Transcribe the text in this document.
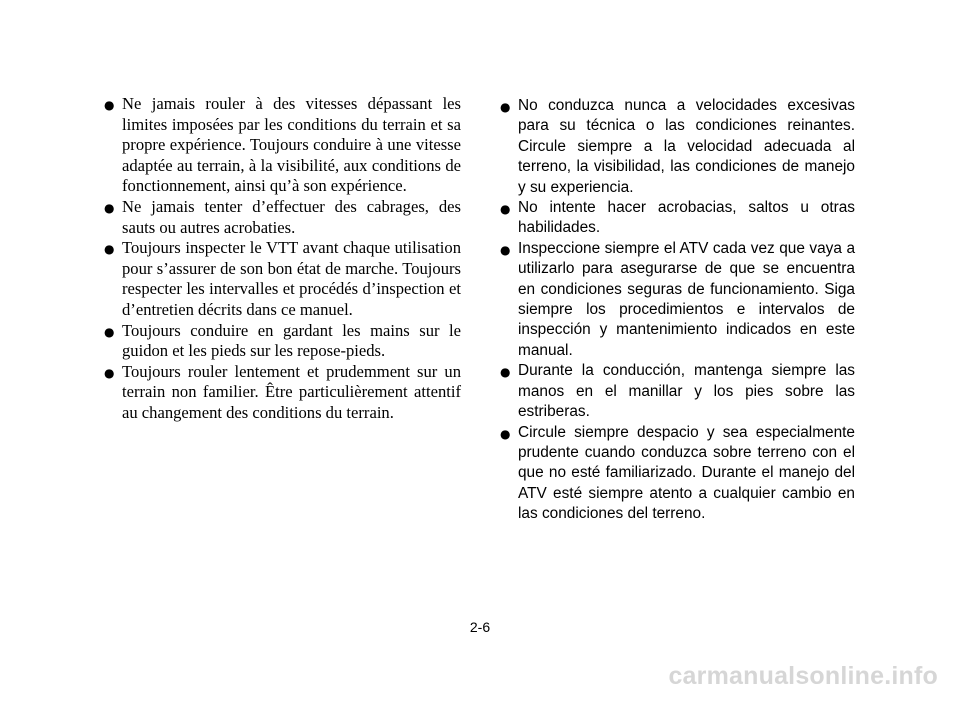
● Ne jamais rouler à des vitesses dépassant les limites imposées par les conditions du terrain et sa propre expérience. Toujours conduire à une vitesse adaptée au terrain, à la visibilité, aux conditions de fonctionnement, ainsi qu’à son expérience.
● Ne jamais tenter d’effectuer des cabrages, des sauts ou autres acrobaties.
● Toujours inspecter le VTT avant chaque utilisation pour s’assurer de son bon état de marche. Toujours respecter les intervalles et procédés d’inspection et d’entretien décrits dans ce manuel.
● Toujours conduire en gardant les mains sur le guidon et les pieds sur les repose-pieds.
● Toujours rouler lentement et prudemment sur un terrain non familier. Être particulièrement attentif au changement des conditions du terrain.
● No conduzca nunca a velocidades excesivas para su técnica o las condiciones reinantes. Circule siempre a la velocidad adecuada al terreno, la visibilidad, las condiciones de manejo y su experiencia.
● No intente hacer acrobacias, saltos u otras habilidades.
● Inspeccione siempre el ATV cada vez que vaya a utilizarlo para asegurarse de que se encuentra en condiciones seguras de funcionamiento. Siga siempre los procedimientos e intervalos de inspección y mantenimiento indicados en este manual.
● Durante la conducción, mantenga siempre las manos en el manillar y los pies sobre las estriberas.
● Circule siempre despacio y sea especialmente prudente cuando conduzca sobre terreno con el que no esté familiarizado. Durante el manejo del ATV esté siempre atento a cualquier cambio en las condiciones del terreno.
2-6
carmanualsonline.info
